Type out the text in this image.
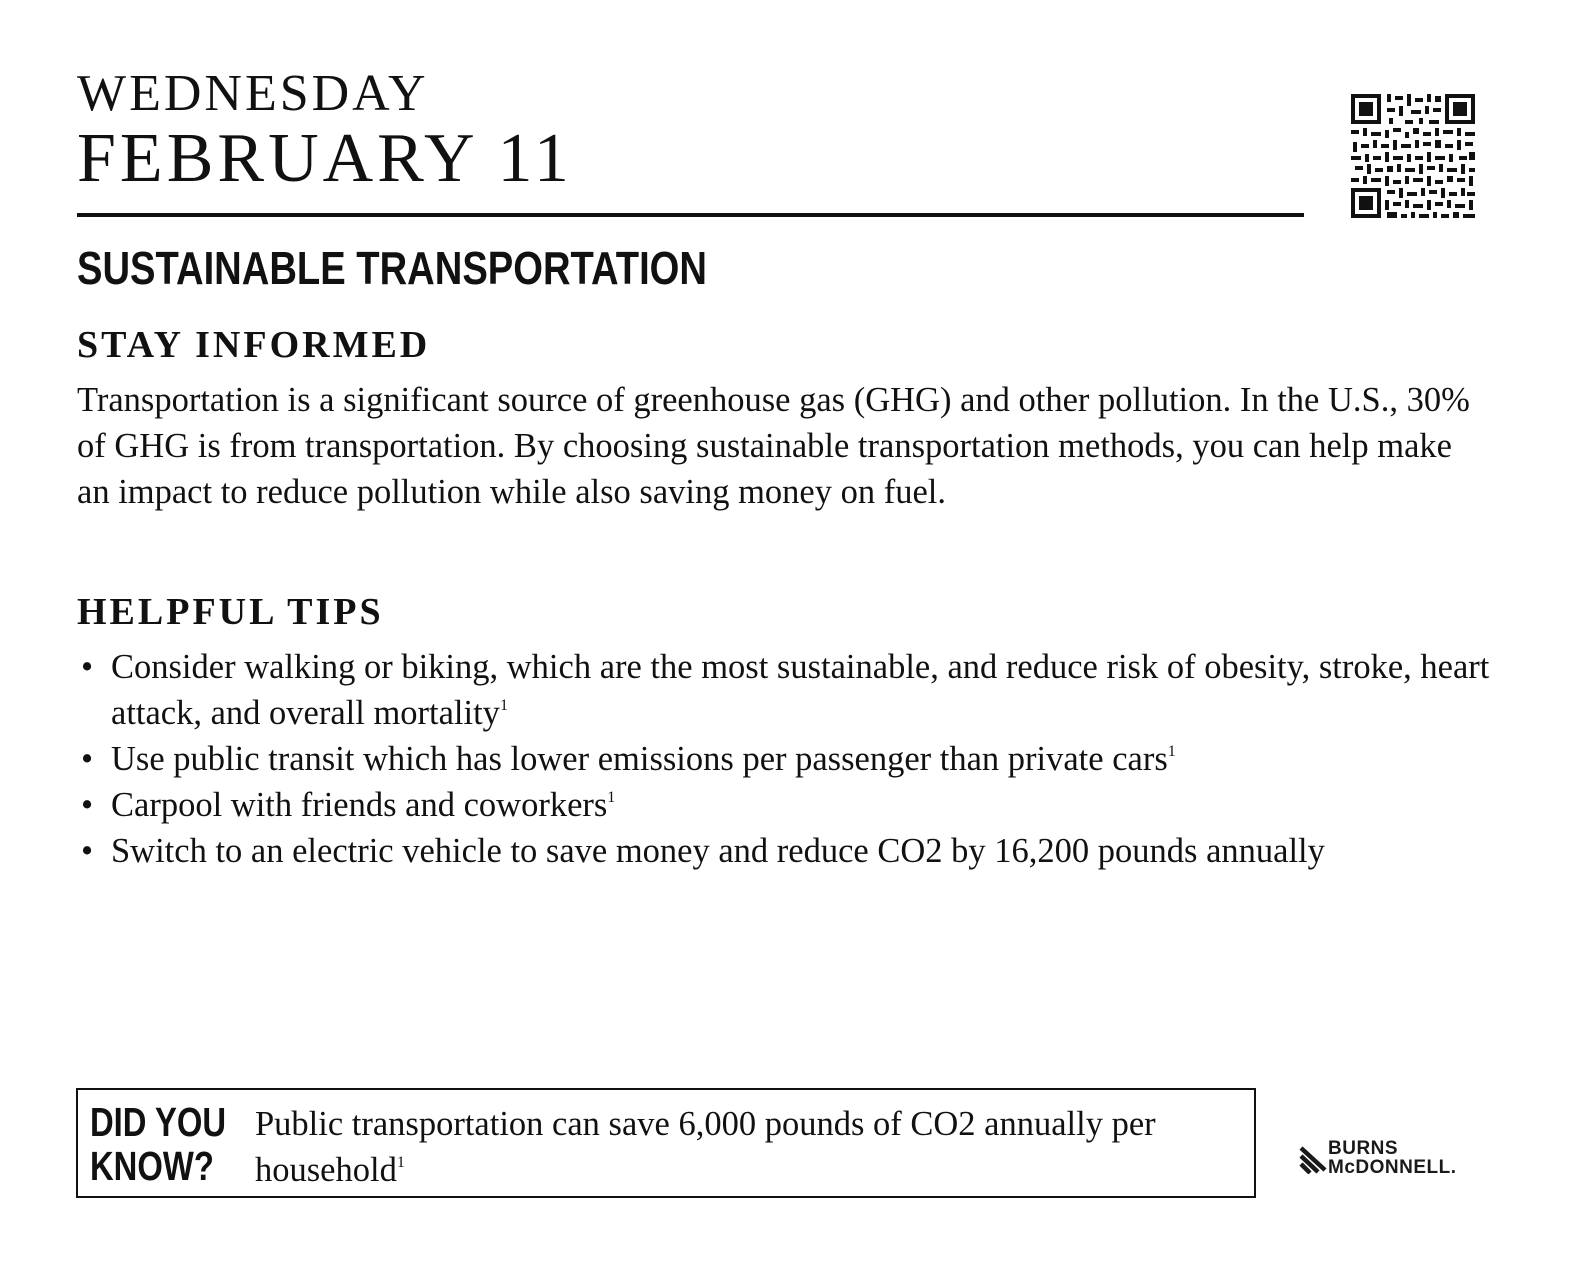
WEDNESDAY
FEBRUARY 11
SUSTAINABLE TRANSPORTATION
STAY INFORMED
Transportation is a significant source of greenhouse gas (GHG) and other pollution. In the U.S., 30% of GHG is from transportation. By choosing sustainable transportation methods, you can help make an impact to reduce pollution while also saving money on fuel.
HELPFUL TIPS
• Consider walking or biking, which are the most sustainable, and reduce risk of obesity, stroke, heart attack, and overall mortality$^1$
• Use public transit which has lower emissions per passenger than private cars$^1$
• Carpool with friends and coworkers$^1$
• Switch to an electric vehicle to save money and reduce CO2 by 16,200 pounds annually
DID YOU
KNOW?
Public transportation can save 6,000 pounds of CO2 annually per household$^1$
BURNS
McDONNELL.
